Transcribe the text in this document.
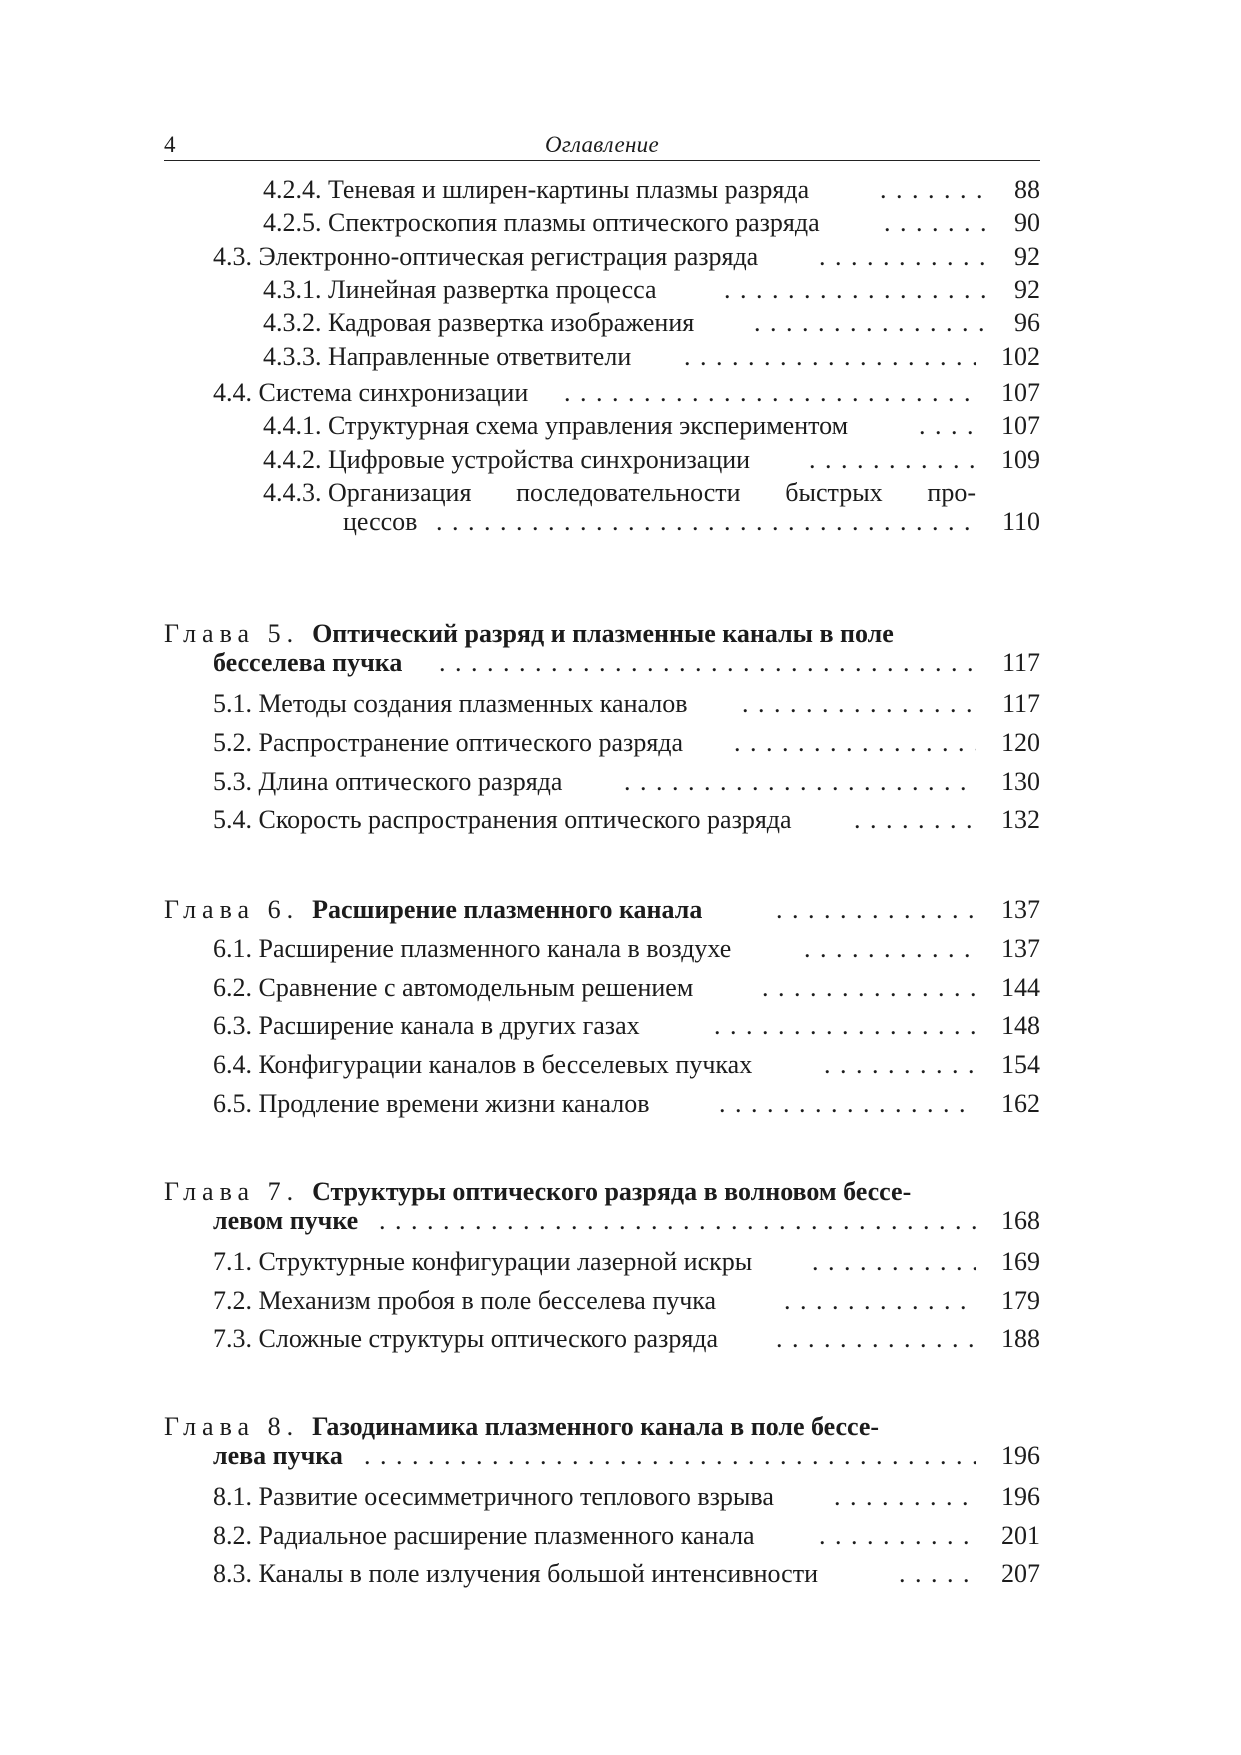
4	Оглавление
4.2.4. Теневая и шлирен-картины плазмы разряда . . .	88
4.2.5. Спектроскопия плазмы оптического разряда . . .	90
4.3. Электронно-оптическая регистрация разряда . . .	92
4.3.1. Линейная развертка процесса . . .	92
4.3.2. Кадровая развертка изображения . . .	96
4.3.3. Направленные ответвители . . .	102
4.4. Система синхронизации . . .	107
4.4.1. Структурная схема управления экспериментом . . .	107
4.4.2. Цифровые устройства синхронизации . . .	109
4.4.3. Организация последовательности быстрых про-
цессов . . .	110
Глава 5. Оптический разряд и плазменные каналы в поле
бесселева пучка . . .	117
5.1. Методы создания плазменных каналов . . .	117
5.2. Распространение оптического разряда . . .	120
5.3. Длина оптического разряда . . .	130
5.4. Скорость распространения оптического разряда . . .	132
Глава 6. Расширение плазменного канала . . .	137
6.1. Расширение плазменного канала в воздухе . . .	137
6.2. Сравнение с автомодельным решением . . .	144
6.3. Расширение канала в других газах . . .	148
6.4. Конфигурации каналов в бесселевых пучках . . .	154
6.5. Продление времени жизни каналов . . .	162
Глава 7. Структуры оптического разряда в волновом бессе-
левом пучке . . .	168
7.1. Структурные конфигурации лазерной искры . . .	169
7.2. Механизм пробоя в поле бесселева пучка . . .	179
7.3. Сложные структуры оптического разряда . . .	188
Глава 8. Газодинамика плазменного канала в поле бессе-
лева пучка . . .	196
8.1. Развитие осесимметричного теплового взрыва . . .	196
8.2. Радиальное расширение плазменного канала . . .	201
8.3. Каналы в поле излучения большой интенсивности . . .	207
